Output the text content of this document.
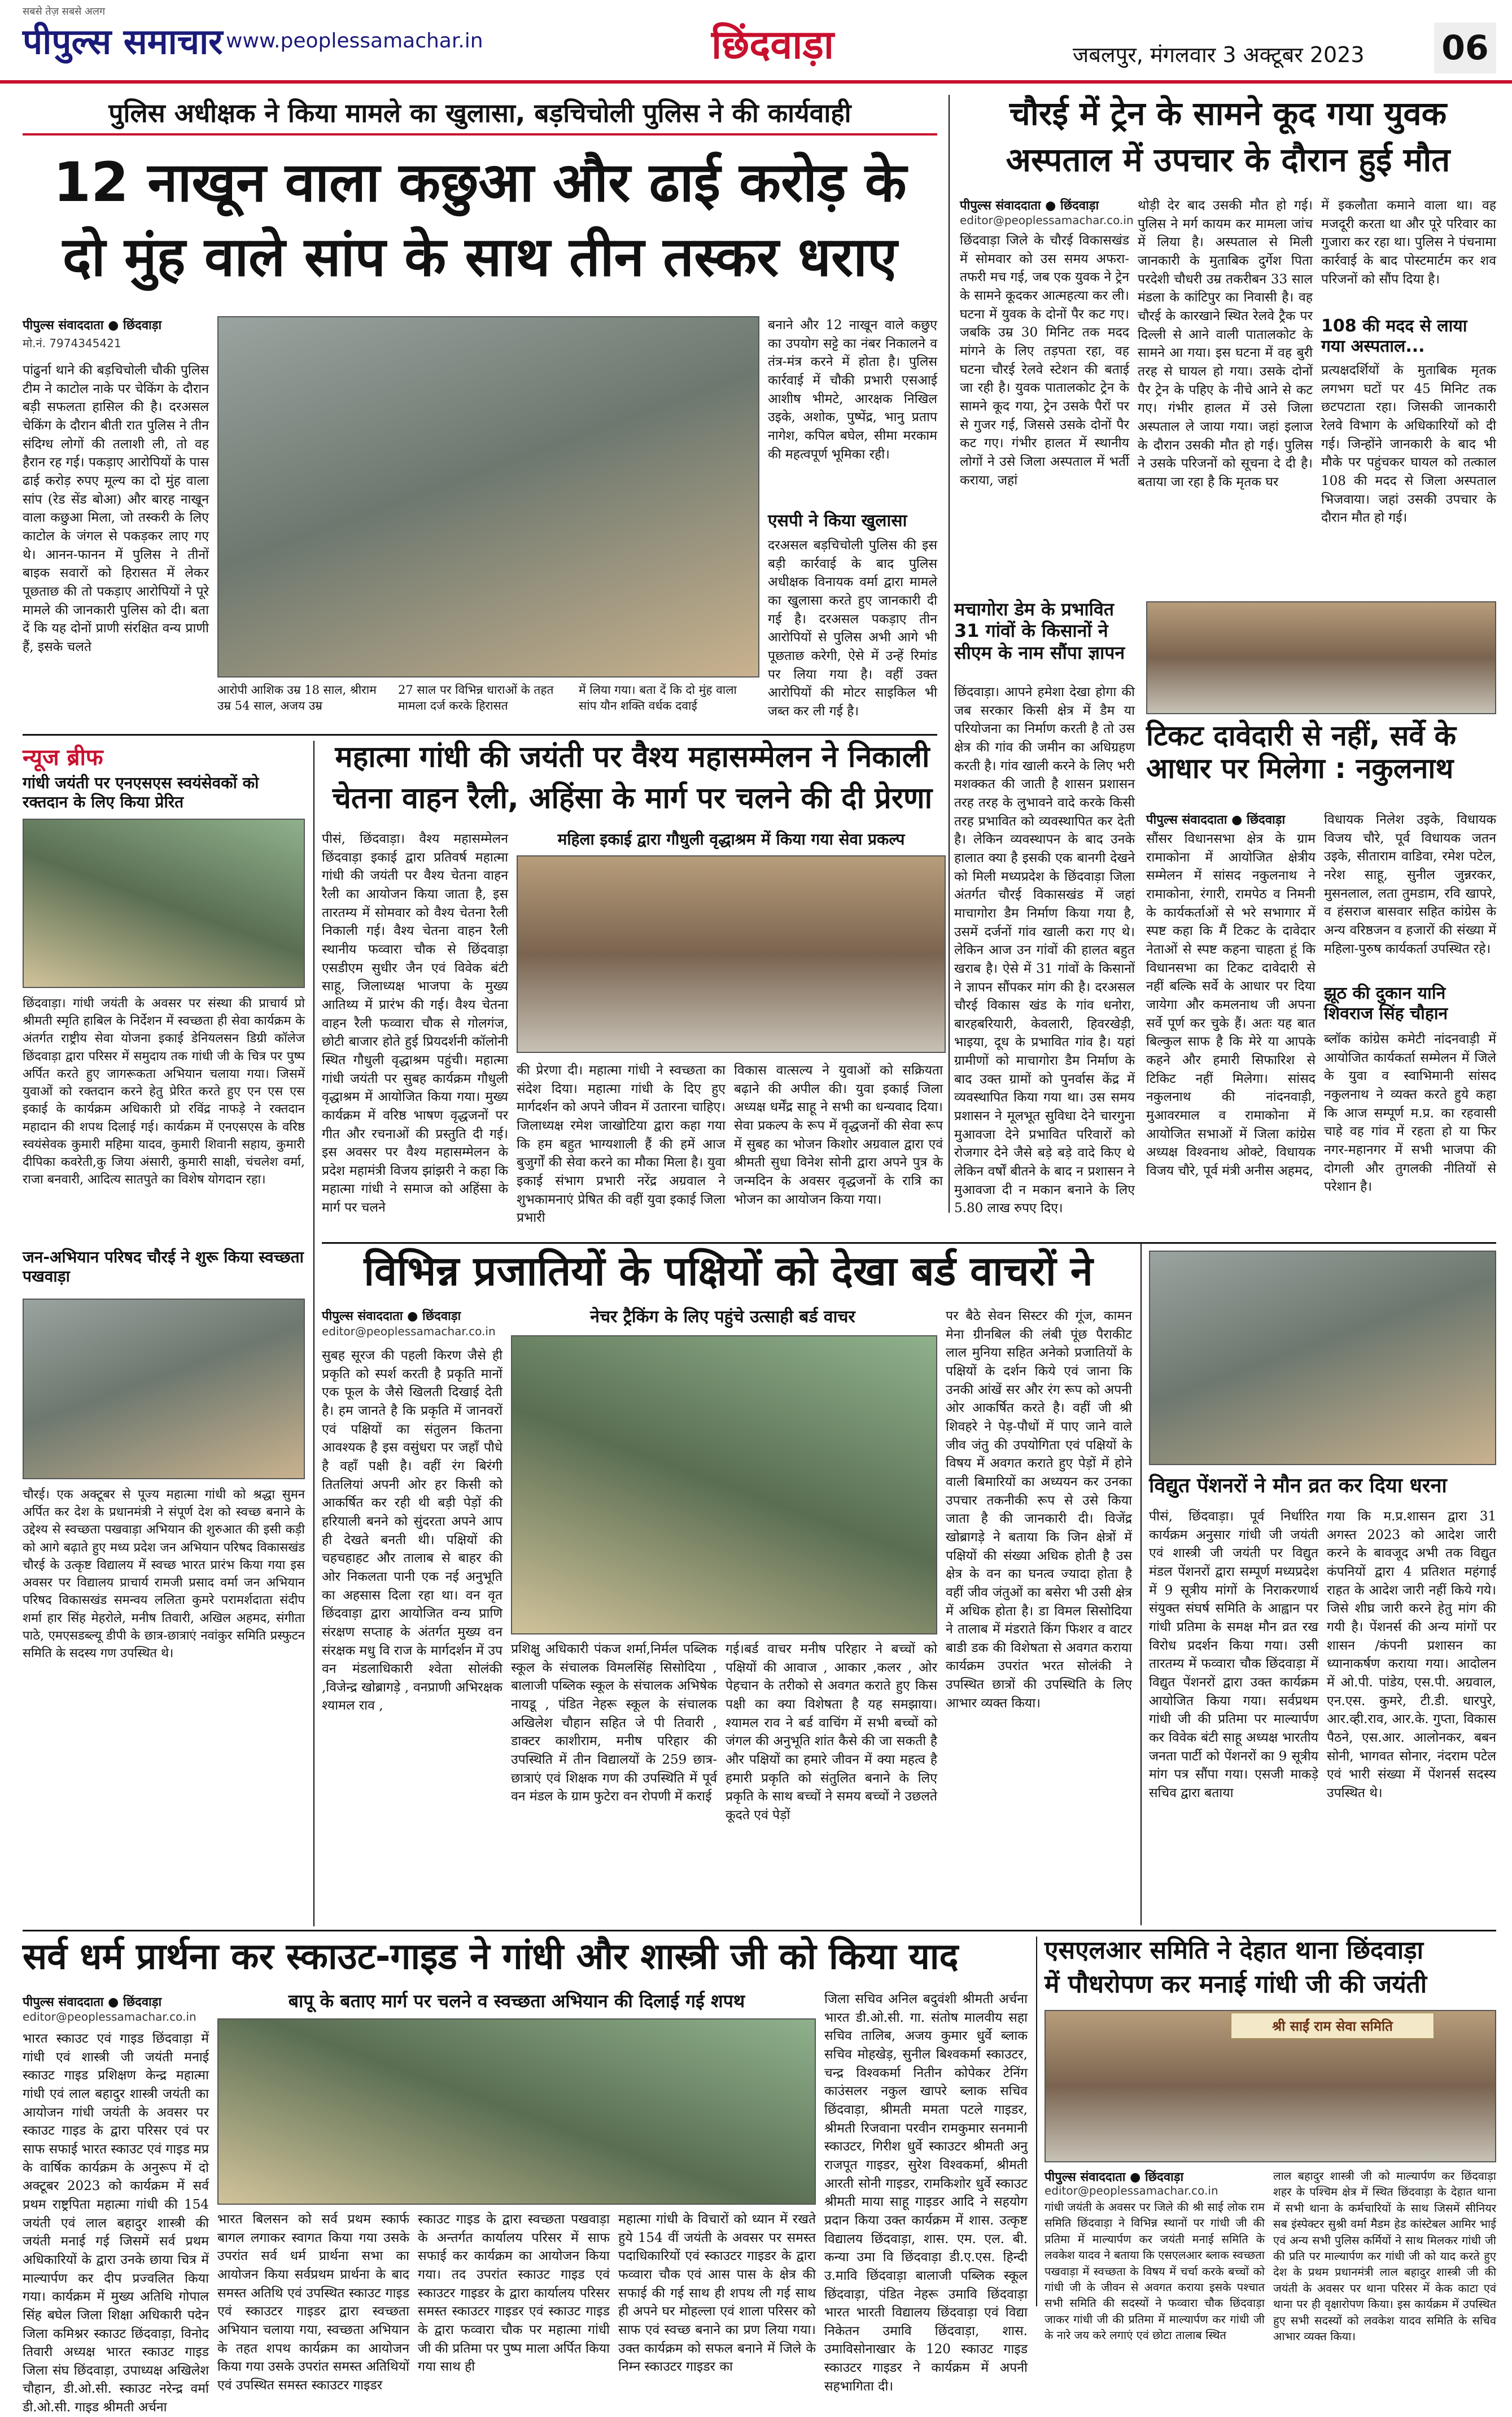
सबसे तेज़ सबसे अलग
पीपुल्स समाचार www.peoplessamachar.in	छिंदवाड़ा	जबलपुर, मंगलवार 3 अक्टूबर 2023 06
पुलिस अधीक्षक ने किया मामले का खुलासा, बड़चिचोली पुलिस ने की कार्यवाही
12 नाखून वाला कछुआ और ढाई करोड़ के
दो मुंह वाले सांप के साथ तीन तस्कर धराए
पीपुल्स संवाददाता ● छिंदवाड़ा
मो.नं. 7974345421
पांढुर्ना थाने की बड़चिचोली चौकी पुलिस टीम ने काटोल नाके पर चेकिंग के दौरान बड़ी सफलता हासिल की है। दरअसल चेकिंग के दौरान बीती रात पुलिस ने तीन संदिग्ध लोगों की तलाशी ली, तो वह हैरान रह गई। पकड़ाए आरोपियों के पास ढाई करोड़ रुपए मूल्य का दो मुंह वाला सांप (रेड सेंड बोआ) और बारह नाखून वाला कछुआ मिला, जो तस्करी के लिए काटोल के जंगल से पकड़कर लाए गए थे। आनन-फानन में पुलिस ने तीनों बाइक सवारों को हिरासत में लेकर पूछताछ की तो पकड़ाए आरोपियों ने पूरे मामले की जानकारी पुलिस को दी। बता दें कि यह दोनों प्राणी संरक्षित वन्य प्राणी हैं, इसके चलते
आरोपी आशिक उम्र 18 साल, श्रीराम उम्र 54 साल, अजय उम्र
27 साल पर विभिन्न धाराओं के तहत मामला दर्ज करके हिरासत
में लिया गया। बता दें कि दो मुंह वाला सांप यौन शक्ति वर्धक दवाई
बनाने और 12 नाखून वाले कछुए का उपयोग सट्टे का नंबर निकालने व तंत्र-मंत्र करने में होता है। पुलिस कार्रवाई में चौकी प्रभारी एसआई आशीष भीमटे, आरक्षक निखिल उइके, अशोक, पुष्पेंद्र, भानु प्रताप नागेश, कपिल बघेल, सीमा मरकाम की महत्वपूर्ण भूमिका रही।
एसपी ने किया खुलासा
दरअसल बड़चिचोली पुलिस की इस बड़ी कार्रवाई के बाद पुलिस अधीक्षक विनायक वर्मा द्वारा मामले का खुलासा करते हुए जानकारी दी गई है। दरअसल पकड़ाए तीन आरोपियों से पुलिस अभी आगे भी पूछताछ करेगी, ऐसे में उन्हें रिमांड पर लिया गया है। वहीं उक्त आरोपियों की मोटर साइकिल भी जब्त कर ली गई है।
चौरई में ट्रेन के सामने कूद गया युवक
अस्पताल में उपचार के दौरान हुई मौत
पीपुल्स संवाददाता ● छिंदवाड़ा
editor@peoplessamachar.co.in
छिंदवाड़ा जिले के चौरई विकासखंड में सोमवार को उस समय अफरा-तफरी मच गई, जब एक युवक ने ट्रेन के सामने कूदकर आत्महत्या कर ली। घटना में युवक के दोनों पैर कट गए। जबकि उम्र 30 मिनिट तक मदद मांगने के लिए तड़पता रहा, वह घटना चौरई रेलवे स्टेशन की बताई जा रही है। युवक पातालकोट ट्रेन के सामने कूद गया, ट्रेन उसके पैरों पर से गुजर गई, जिससे उसके दोनों पैर कट गए। गंभीर हालत में स्थानीय लोगों ने उसे जिला अस्पताल में भर्ती कराया, जहां
थोड़ी देर बाद उसकी मौत हो गई। पुलिस ने मर्ग कायम कर मामला जांच में लिया है। अस्पताल से मिली जानकारी के मुताबिक दुर्गेश पिता परदेशी चौधरी उम्र तकरीबन 33 साल मंडला के कांटिपुर का निवासी है। वह चौरई के कारखाने स्थित रेलवे ट्रैक पर दिल्ली से आने वाली पातालकोट के सामने आ गया। इस घटना में वह बुरी तरह से घायल हो गया। उसके दोनों पैर ट्रेन के पहिए के नीचे आने से कट गए। गंभीर हालत में उसे जिला अस्पताल ले जाया गया। जहां इलाज के दौरान उसकी मौत हो गई। पुलिस ने उसके परिजनों को सूचना दे दी है। बताया जा रहा है कि मृतक घर
में इकलौता कमाने वाला था। वह मजदूरी करता था और पूरे परिवार का गुजारा कर रहा था। पुलिस ने पंचनामा कार्रवाई के बाद पोस्टमार्टम कर शव परिजनों को सौंप दिया है।
108 की मदद से लाया गया अस्पताल...
प्रत्यक्षदर्शियों के मुताबिक मृतक लगभग घटों पर 45 मिनिट तक छटपटाता रहा। जिसकी जानकारी रेलवे विभाग के अधिकारियों को दी गई। जिन्होंने जानकारी के बाद भी मौके पर पहुंचकर घायल को तत्काल 108 की मदद से जिला अस्पताल भिजवाया। जहां उसकी उपचार के दौरान मौत हो गई।
मचागोरा डेम के प्रभावित 31 गांवों के किसानों ने सीएम के नाम सौंपा ज्ञापन
छिंदवाड़ा। आपने हमेशा देखा होगा की जब सरकार किसी क्षेत्र में डैम या परियोजना का निर्माण करती है तो उस क्षेत्र की गांव की जमीन का अधिग्रहण करती है। गांव खाली करने के लिए भरी मशक्कत की जाती है शासन प्रशासन तरह तरह के लुभावने वादे करके किसी तरह प्रभावित को व्यवस्थापित कर देती है। लेकिन व्यवस्थापन के बाद उनके हालात क्या है इसकी एक बानगी देखने को मिली मध्यप्रदेश के छिंदवाड़ा जिला अंतर्गत चौरई विकासखंड में जहां माचागोरा डैम निर्माण किया गया है, उसमें दर्जनों गांव खाली करा गए थे। लेकिन आज उन गांवों की हालत बहुत खराब है। ऐसे में 31 गांवों के किसानों ने ज्ञापन सौंपकर मांग की है। दरअसल चौरई विकास खंड के गांव धनोरा, बारहबरियारी, केवलारी, हिवरखेड़ी, भाइया, दूध के प्रभावित गांव है। यहां ग्रामीणों को माचागोरा डैम निर्माण के बाद उक्त ग्रामों को पुनर्वास केंद्र में व्यवस्थापित किया गया था। उस समय प्रशासन ने मूलभूत सुविधा देने चारगुना मुआवजा देने प्रभावित परिवारों को रोजगार देने जैसे बड़े बड़े वादे किए थे लेकिन वर्षों बीतने के बाद न प्रशासन ने मुआवजा दी न मकान बनाने के लिए 5.80 लाख रुपए दिए।
टिकट दावेदारी से नहीं, सर्वे के आधार पर मिलेगा : नकुलनाथ
पीपुल्स संवाददाता ● छिंदवाड़ा
सौंसर विधानसभा क्षेत्र के ग्राम रामाकोना में आयोजित क्षेत्रीय सम्मेलन में सांसद नकुलनाथ ने रामाकोना, रंगारी, रामपेठ व निमनी के कार्यकर्ताओं से भरे सभागार में स्पष्ट कहा कि मैं टिकट के दावेदार नेताओं से स्पष्ट कहना चाहता हूं कि विधानसभा का टिकट दावेदारी से नहीं बल्कि सर्वे के आधार पर दिया जायेगा और कमलनाथ जी अपना सर्वे पूर्ण कर चुके हैं। अतः यह बात बिल्कुल साफ है कि मेरे या आपके कहने और हमारी सिफारिश से टिकिट नहीं मिलेगा। सांसद नकुलनाथ की नांदनवाड़ी, मुआवरमाल व रामाकोना में आयोजित सभाओं में जिला कांग्रेस अध्यक्ष विश्वनाथ ओक्टे, विधायक विजय चौरे, पूर्व मंत्री अनीस अहमद,
विधायक निलेश उइके, विधायक विजय चौरे, पूर्व विधायक जतन उइके, सीताराम वाडिवा, रमेश पटेल, नरेश साहू, सुनील जुन्नरकर, मुसनलाल, लता तुमडाम, रवि खापरे, व हंसराज बासवार सहित कांग्रेस के अन्य वरिष्ठजन व हजारों की संख्या में महिला-पुरुष कार्यकर्ता उपस्थित रहे।
झूठ की दुकान यानि शिवराज सिंह चौहान
ब्लॉक कांग्रेस कमेटी नांदनवाड़ी में आयोजित कार्यकर्ता सम्मेलन में जिले के युवा व स्वाभिमानी सांसद नकुलनाथ ने व्यक्त करते हुये कहा कि आज सम्पूर्ण म.प्र. का रहवासी चाहे वह गांव में रहता हो या फिर नगर-महानगर में सभी भाजपा की दोगली और तुगलकी नीतियों से परेशान है।
न्यूज ब्रीफ
गांधी जयंती पर एनएसएस स्वयंसेवकों को रक्तदान के लिए किया प्रेरित
छिंदवाड़ा। गांधी जयंती के अवसर पर संस्था की प्राचार्य प्रो श्रीमती स्मृति हाबिल के निर्देशन में स्वच्छता ही सेवा कार्यक्रम के अंतर्गत राष्ट्रीय सेवा योजना इकाई डेनियलसन डिग्री कॉलेज छिंदवाड़ा द्वारा परिसर में समुदाय तक गांधी जी के चित्र पर पुष्प अर्पित करते हुए जागरूकता अभियान चलाया गया। जिसमें युवाओं को रक्तदान करने हेतु प्रेरित करते हुए एन एस एस इकाई के कार्यक्रम अधिकारी प्रो रविंद्र नाफड़े ने रक्तदान महादान की शपथ दिलाई गई। कार्यक्रम में एनएसएस के वरिष्ठ स्वयंसेवक कुमारी महिमा यादव, कुमारी शिवानी सहाय, कुमारी दीपिका कवरेती,कु जिया अंसारी, कुमारी साक्षी, चंचलेश वर्मा, राजा बनवारी, आदित्य सातपुते का विशेष योगदान रहा।
जन-अभियान परिषद चौरई ने शुरू किया स्वच्छता पखवाड़ा
चौरई। एक अक्टूबर से पूज्य महात्मा गांधी को श्रद्धा सुमन अर्पित कर देश के प्रधानमंत्री ने संपूर्ण देश को स्वच्छ बनाने के उद्देश्य से स्वच्छता पखवाड़ा अभियान की शुरुआत की इसी कड़ी को आगे बढ़ाते हुए मध्य प्रदेश जन अभियान परिषद विकासखंड चौरई के उत्कृष्ट विद्यालय में स्वच्छ भारत प्रारंभ किया गया इस अवसर पर विद्यालय प्राचार्य रामजी प्रसाद वर्मा जन अभियान परिषद विकासखंड समन्वय ललिता कुमरे परामर्शदाता संदीप शर्मा हार सिंह मेहरोले, मनीष तिवारी, अखिल अहमद, संगीता पाठे, एमएसडब्ल्यू डीपी के छात्र-छात्राएं नवांकुर समिति प्रस्फुटन समिति के सदस्य गण उपस्थित थे।
महात्मा गांधी की जयंती पर वैश्य महासम्मेलन ने निकाली
चेतना वाहन रैली, अहिंसा के मार्ग पर चलने की दी प्रेरणा
पीसं, छिंदवाड़ा। वैश्य महासम्मेलन छिंदवाड़ा इकाई द्वारा प्रतिवर्ष महात्मा गांधी की जयंती पर वैश्य चेतना वाहन रैली का आयोजन किया जाता है, इस तारतम्य में सोमवार को वैश्य चेतना रैली निकाली गई। वैश्य चेतना वाहन रैली स्थानीय फव्वारा चौक से छिंदवाड़ा एसडीएम सुधीर जैन एवं विवेक बंटी साहू, जिलाध्यक्ष भाजपा के मुख्य आतिथ्य में प्रारंभ की गई। वैश्य चेतना वाहन रैली फव्वारा चौक से गोलगंज, छोटी बाजार होते हुई प्रियदर्शनी कॉलोनी स्थित गौधुली वृद्धाश्रम पहुंची। महात्मा गांधी जयंती पर सुबह कार्यक्रम गौधुली वृद्धाश्रम में आयोजित किया गया। मुख्य कार्यक्रम में वरिष्ठ भाषण वृद्धजनों पर गीत और रचनाओं की प्रस्तुति दी गई। इस अवसर पर वैश्य महासम्मेलन के प्रदेश महामंत्री विजय झांझरी ने कहा कि महात्मा गांधी ने समाज को अहिंसा के मार्ग पर चलने
महिला इकाई द्वारा गौधुली वृद्धाश्रम में किया गया सेवा प्रकल्प
की प्रेरणा दी। महात्मा गांधी ने स्वच्छता का संदेश दिया। महात्मा गांधी के दिए हुए मार्गदर्शन को अपने जीवन में उतारना चाहिए। जिलाध्यक्ष रमेश जाखोटिया द्वारा कहा गया कि हम बहुत भाग्यशाली हैं की हमें आज बुजुर्गों की सेवा करने का मौका मिला है। युवा इकाई संभाग प्रभारी नरेंद्र अग्रवाल ने शुभकामनाएं प्रेषित की वहीं युवा इकाई जिला प्रभारी
विकास वात्सल्य ने युवाओं को सक्रियता बढ़ाने की अपील की। युवा इकाई जिला अध्यक्ष धर्मेंद्र साहू ने सभी का धन्यवाद दिया। सेवा प्रकल्प के रूप में वृद्धजनों की सेवा रूप में सुबह का भोजन किशोर अग्रवाल द्वारा एवं श्रीमती सुधा विनेश सोनी द्वारा अपने पुत्र के जन्मदिन के अवसर वृद्धजनों के रात्रि का भोजन का आयोजन किया गया।
विभिन्न प्रजातियों के पक्षियों को देखा बर्ड वाचरों ने
पीपुल्स संवाददाता ● छिंदवाड़ा
editor@peoplessamachar.co.in
नेचर ट्रैकिंग के लिए पहुंचे उत्साही बर्ड वाचर
सुबह सूरज की पहली किरण जैसे ही प्रकृति को स्पर्श करती है प्रकृति मानों एक फूल के जैसे खिलती दिखाई देती है। हम जानते है कि प्रकृति में जानवरों एवं पक्षियों का संतुलन कितना आवश्यक है इस वसुंधरा पर जहाँ पौधे है वहाँ पक्षी है। वहीं रंग बिरंगी तितलियां अपनी ओर हर किसी को आकर्षित कर रही थी बड़ी पेड़ों की हरियाली बनने को सुंदरता अपने आप ही देखते बनती थी। पक्षियों की चहचहाहट और तालाब से बाहर की ओर निकलता पानी एक नई अनुभूति का अहसास दिला रहा था। वन वृत छिंदवाड़ा द्वारा आयोजित वन्य प्राणि संरक्षण सप्ताह के अंतर्गत मुख्य वन संरक्षक मधु वि राज के मार्गदर्शन में उप वन मंडलाधिकारी श्वेता सोलंकी ,विजेन्द्र खोब्रागड़े , वनप्राणी अभिरक्षक श्यामल राव ,
प्रशिक्षु अधिकारी पंकज शर्मा,निर्मल पब्लिक स्कूल के संचालक विमलसिंह सिसोदिया , बालाजी पब्लिक स्कूल के संचालक अभिषेक नायडू , पंडित नेहरू स्कूल के संचालक अखिलेश चौहान सहित जे पी तिवारी , डाक्टर काशीराम, मनीष परिहार की उपस्थिति में तीन विद्यालयों के 259 छात्र-छात्राएं एवं शिक्षक गण की उपस्थिति में पूर्व वन मंडल के ग्राम फुटेरा वन रोपणी में कराई
गई।बर्ड वाचर मनीष परिहार ने बच्चों को पक्षियों की आवाज , आकार ,कलर , ओर पेहचान के तरीको से अवगत कराते हुए किस पक्षी का क्या विशेषता है यह समझाया। श्यामल राव ने बर्ड वाचिंग में सभी बच्चों को जंगल की अनुभूति शांत कैसे की जा सकती है और पक्षियों का हमारे जीवन में क्या महत्व है हमारी प्रकृति को संतुलित बनाने के लिए प्रकृति के साथ बच्चों ने समय बच्चों ने उछलते कूदते एवं पेड़ों
पर बैठे सेवन सिस्टर की गूंज, कामन मेना ग्रीनबिल की लंबी पूंछ पैराकीट लाल मुनिया सहित अनेको प्रजातियों के पक्षियों के दर्शन किये एवं जाना कि उनकी आंखें सर और रंग रूप को अपनी ओर आकर्षित करते है। वहीं जी श्री शिवहरे ने पेड़-पौधों में पाए जाने वाले जीव जंतु की उपयोगिता एवं पक्षियों के विषय में अवगत कराते हुए पेड़ों में होने वाली बिमारियों का अध्ययन कर उनका उपचार तकनीकी रूप से उसे किया जाता है की जानकारी दी। विजेंद्र खोब्रागड़े ने बताया कि जिन क्षेत्रों में पक्षियों की संख्या अधिक होती है उस क्षेत्र के वन का घनत्व ज्यादा होता है वहीं जीव जंतुओं का बसेरा भी उसी क्षेत्र में अधिक होता है। डा विमल सिसोदिया ने तालाब में मंडराते किंग फिशर व वाटर बाडी डक की विशेषता से अवगत कराया कार्यक्रम उपरांत भरत सोलंकी ने उपस्थित छात्रों की उपस्थिति के लिए आभार व्यक्त किया।
विद्युत पेंशनरों ने मौन व्रत कर दिया धरना
पीसं, छिंदवाड़ा। पूर्व निर्धारित कार्यक्रम अनुसार गांधी जी जयंती एवं शास्त्री जी जयंती पर विद्युत मंडल पेंशनरों द्वारा सम्पूर्ण मध्यप्रदेश में 9 सूत्रीय मांगों के निराकरणार्थ संयुक्त संघर्ष समिति के आह्वान पर गांधी प्रतिमा के समक्ष मौन व्रत रख विरोध प्रदर्शन किया गया। उसी तारतम्य में फव्वारा चौक छिंदवाड़ा में विद्युत पेंशनरों द्वारा उक्त कार्यक्रम आयोजित किया गया। सर्वप्रथम गांधी जी की प्रतिमा पर माल्यार्पण कर विवेक बंटी साहू अध्यक्ष भारतीय जनता पार्टी को पेंशनरों का 9 सूत्रीय मांग पत्र सौंपा गया। एसजी माकड़े सचिव द्वारा बताया
गया कि म.प्र.शासन द्वारा 31 अगस्त 2023 को आदेश जारी करने के बावजूद अभी तक विद्युत कंपनियों द्वारा 4 प्रतिशत महंगाई राहत के आदेश जारी नहीं किये गये। जिसे शीघ्र जारी करने हेतु मांग की गयी है। पेंशनर्स की अन्य मांगों पर शासन /कंपनी प्रशासन का ध्यानाकर्षण कराया गया। आदोलन में ओ.पी. पांडेय, एस.पी. अग्रवाल, एन.एस. कुमरे, टी.डी. धारपुरे, आर.व्ही.राव, आर.के. गुप्ता, विकास पैठने, एस.आर. आलोनकर, बबन सोनी, भागवत सोनार, नंदराम पटेल एवं भारी संख्या में पेंशनर्स सदस्य उपस्थित थे।
सर्व धर्म प्रार्थना कर स्काउट-गाइड ने गांधी और शास्त्री जी को किया याद
पीपुल्स संवाददाता ● छिंदवाड़ा
editor@peoplessamachar.co.in
भारत स्काउट एवं गाइड छिंदवाड़ा में गांधी एवं शास्त्री जी जयंती मनाई स्काउट गाइड प्रशिक्षण केन्द्र महात्मा गांधी एवं लाल बहादुर शास्त्री जयंती का आयोजन गांधी जयंती के अवसर पर स्काउट गाइड के द्वारा परिसर एवं पर साफ सफाई भारत स्काउट एवं गाइड मप्र के वार्षिक कार्यक्रम के अनुरूप में दो अक्टूबर 2023 को कार्यक्रम में सर्व प्रथम राष्ट्रपिता महात्मा गांधी की 154 जयंती एवं लाल बहादुर शास्त्री की जयंती मनाई गई जिसमें सर्व प्रथम अधिकारियों के द्वारा उनके छाया चित्र में माल्यार्पण कर दीप प्रज्वलित किया गया। कार्यक्रम में मुख्य अतिथि गोपाल सिंह बघेल जिला शिक्षा अधिकारी पदेन जिला कमिश्नर स्काउट छिंदवाड़ा, विनोद तिवारी अध्यक्ष भारत स्काउट गाइड जिला संघ छिंदवाड़ा, उपाध्यक्ष अखिलेश चौहान, डी.ओ.सी. स्काउट नरेन्द्र वर्मा डी.ओ.सी. गाइड श्रीमती अर्चना
बापू के बताए मार्ग पर चलने व स्वच्छता अभियान की दिलाई गई शपथ
भारत बिलसन को सर्व प्रथम स्कार्फ बागल लगाकर स्वागत किया गया उसके उपरांत सर्व धर्म प्रार्थना सभा का आयोजन किया सर्वप्रथम प्रार्थना के बाद समस्त अतिथि एवं उपस्थित स्काउट गाइड एवं स्काउटर गाइडर द्वारा स्वच्छता अभियान चलाया गया, स्वच्छता अभियान के तहत शपथ कार्यक्रम का आयोजन किया गया उसके उपरांत समस्त अतिथियों एवं उपस्थित समस्त स्काउटर गाइडर
स्काउट गाइड के द्वारा स्वच्छता पखवाड़ा के अन्तर्गत कार्यालय परिसर में साफ सफाई कर कार्यक्रम का आयोजन किया गया। तद उपरांत स्काउट गाइड एवं स्काउटर गाइडर के द्वारा कार्यालय परिसर समस्त स्काउटर गाइडर एवं स्काउट गाइड के द्वारा फव्वारा चौक पर महात्मा गांधी जी की प्रतिमा पर पुष्प माला अर्पित किया गया साथ ही
महात्मा गांधी के विचारों को ध्यान में रखते हुये 154 वीं जयंती के अवसर पर समस्त पदाधिकारियों एवं स्काउटर गाइडर के द्वारा फव्वारा चौक एवं आस पास के क्षेत्र की सफाई की गई साथ ही शपथ ली गई साथ ही अपने घर मोहल्ला एवं शाला परिसर को साफ एवं स्वच्छ बनाने का प्रण लिया गया। उक्त कार्यक्रम को सफल बनाने में जिले के निम्न स्काउटर गाइडर का
जिला सचिव अनिल बदुवंशी श्रीमती अर्चना भारत डी.ओ.सी. गा. संतोष मालवीय सहा सचिव तालिब, अजय कुमार धुर्वे ब्लाक सचिव मोहखेड़, सुनील बिश्वकर्मा स्काउटर, चन्द्र विश्वकर्मा नितीन कोपेकर टेनिंग काउंसलर नकुल खापरे ब्लाक सचिव छिंदवाड़ा, श्रीमती ममता पटले गाइडर, श्रीमती रिजवाना परवीन रामकुमार सनमानी स्काउटर, गिरीश धुर्वे स्काउटर श्रीमती अनु राजपूत गाइडर, सुरेश विश्वकर्मा, श्रीमती आरती सोनी गाइडर, रामकिशोर धुर्वे स्काउट श्रीमती माया साहू गाइडर आदि ने सहयोग प्रदान किया उक्त कार्यक्रम में शास. उत्कृष्ट विद्यालय छिंदवाड़ा, शास. एम. एल. बी. कन्या उमा वि छिंदवाड़ा डी.ए.एस. हिन्दी उ.मावि छिंदवाड़ा बालाजी पब्लिक स्कूल छिंदवाड़ा, पंडित नेहरू उमावि छिंदवाड़ा भारत भारती विद्यालय छिंदवाड़ा एवं विद्या निकेतन उमावि छिंदवाड़ा, शास. उमाविसोनाखार के 120 स्काउट गाइड स्काउटर गाइडर ने कार्यक्रम में अपनी सहभागिता दी।
एसएलआर समिति ने देहात थाना छिंदवाड़ा
में पौधरोपण कर मनाई गांधी जी की जयंती
श्री साईं राम सेवा समिति
पीपुल्स संवाददाता ● छिंदवाड़ा
editor@peoplessamachar.co.in
गांधी जयंती के अवसर पर जिले की श्री साई लोक राम समिति छिंदवाड़ा ने विभिन्न स्थानों पर गांधी जी की प्रतिमा में माल्यार्पण कर जयंती मनाई समिति के लवकेश यादव ने बताया कि एसएलआर ब्लाक स्वच्छता पखवाड़ा में स्वच्छता के विषय में चर्चा करके बच्चों को गांधी जी के जीवन से अवगत कराया इसके पश्चात सभी समिति की सदस्यों ने फव्वारा चौक छिंदवाड़ा जाकर गांधी जी की प्रतिमा में माल्यार्पण कर गांधी जी के नारे जय करे लगाएं एवं छोटा तालाब स्थित
लाल बहादुर शास्त्री जी को माल्यार्पण कर छिंदवाड़ा शहर के पश्चिम क्षेत्र में स्थित छिंदवाड़ा के देहात थाना में सभी थाना के कर्मचारियों के साथ जिसमें सीनियर सब इंस्पेक्टर सुश्री वर्मा मैडम हेड कांस्टेबल आमिर भाई एवं अन्य सभी पुलिस कर्मियों ने साथ मिलकर गांधी जी की प्रति पर माल्यार्पण कर गांधी जी को याद करते हुए देश के प्रथम प्रधानमंत्री लाल बहादुर शास्त्री जी की जयंती के अवसर पर थाना परिसर में केक काटा एवं थाना पर ही वृक्षारोपण किया। इस कार्यक्रम में उपस्थित हुए सभी सदस्यों को लवकेश यादव समिति के सचिव आभार व्यक्त किया।
